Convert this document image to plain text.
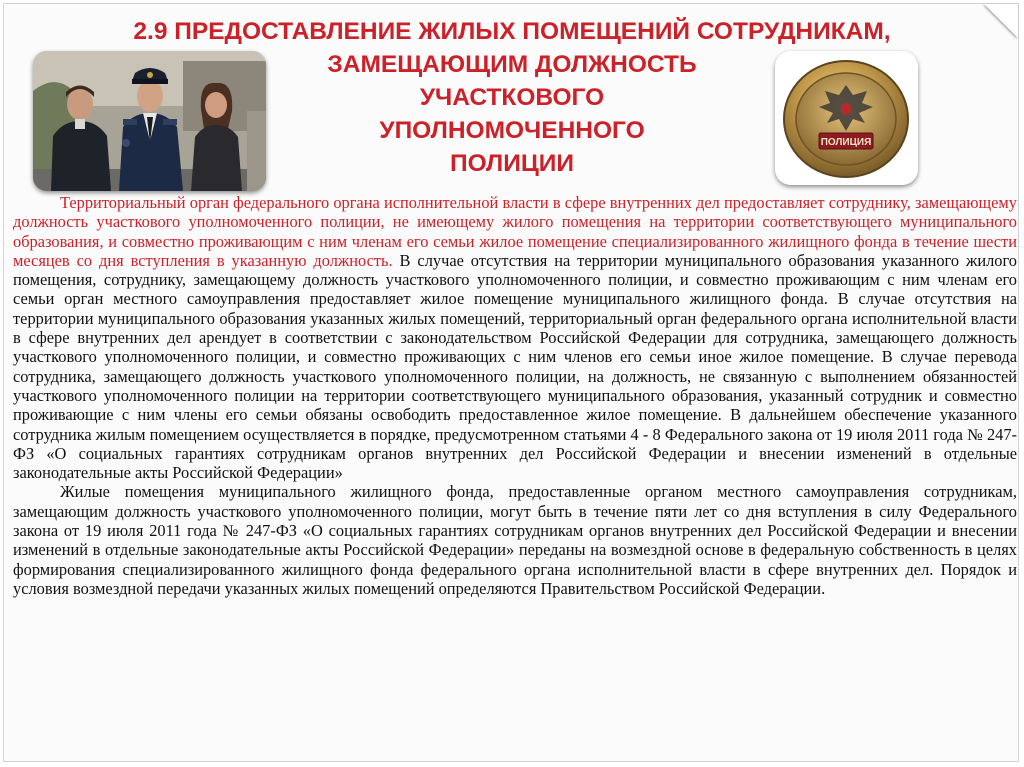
2.9 ПРЕДОСТАВЛЕНИЕ ЖИЛЫХ ПОМЕЩЕНИЙ СОТРУДНИКАМ,
ЗАМЕЩАЮЩИМ ДОЛЖНОСТЬ
УЧАСТКОВОГО
УПОЛНОМОЧЕННОГО
ПОЛИЦИИ
ПОЛИЦИЯ

Территориальный орган федерального органа исполнительной власти в сфере внутренних дел предоставляет сотруднику, замещающему должность участкового уполномоченного полиции, не имеющему жилого помещения на территории соответствующего муниципального образования, и совместно проживающим с ним членам его семьи жилое помещение специализированного жилищного фонда в течение шести месяцев со дня вступления в указанную должность. В случае отсутствия на территории муниципального образования указанного жилого помещения, сотруднику, замещающему должность участкового уполномоченного полиции, и совместно проживающим с ним членам его семьи орган местного самоуправления предоставляет жилое помещение муниципального жилищного фонда. В случае отсутствия на территории муниципального образования указанных жилых помещений, территориальный орган федерального органа исполнительной власти в сфере внутренних дел арендует в соответствии с законодательством Российской Федерации для сотрудника, замещающего должность участкового уполномоченного полиции, и совместно проживающих с ним членов его семьи иное жилое помещение. В случае перевода сотрудника, замещающего должность участкового уполномоченного полиции, на должность, не связанную с выполнением обязанностей участкового уполномоченного полиции на территории соответствующего муниципального образования, указанный сотрудник и совместно проживающие с ним члены его семьи обязаны освободить предоставленное жилое помещение. В дальнейшем обеспечение указанного сотрудника жилым помещением осуществляется в порядке, предусмотренном статьями 4 - 8 Федерального закона от 19 июля 2011 года № 247-ФЗ «О социальных гарантиях сотрудникам органов внутренних дел Российской Федерации и внесении изменений в отдельные законодательные акты Российской Федерации»

Жилые помещения муниципального жилищного фонда, предоставленные органом местного самоуправления сотрудникам, замещающим должность участкового уполномоченного полиции, могут быть в течение пяти лет со дня вступления в силу Федерального закона от 19 июля 2011 года № 247-ФЗ «О социальных гарантиях сотрудникам органов внутренних дел Российской Федерации и внесении изменений в отдельные законодательные акты Российской Федерации» переданы на возмездной основе в федеральную собственность в целях формирования специализированного жилищного фонда федерального органа исполнительной власти в сфере внутренних дел. Порядок и условия возмездной передачи указанных жилых помещений определяются Правительством Российской Федерации.
